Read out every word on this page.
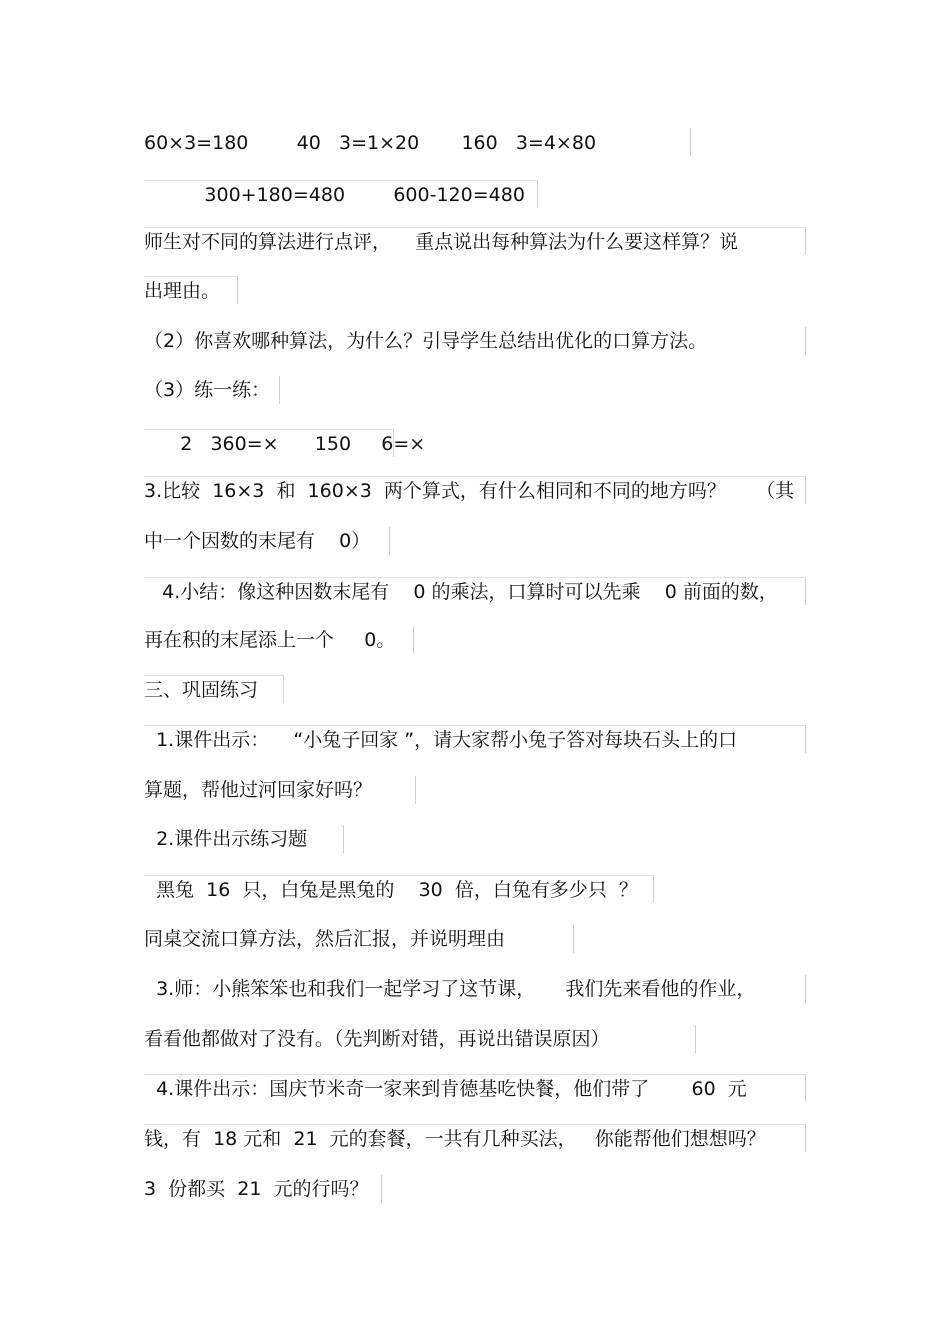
60×3=180        40   3=1×20       160   3=4×80
300+180=480        600-120=480
师生对不同的算法进行点评，    重点说出每种算法为什么要这样算？说
出理由。
（2）你喜欢哪种算法，为什么？引导学生总结出优化的口算方法。
（3）练一练：
2   360=×      150     6=×
3.比较  16×3  和  160×3  两个算式，有什么相同和不同的地方吗？     （其
中一个因数的末尾有    0）
4.小结：像这种因数末尾有    0 的乘法，口算时可以先乘    0 前面的数，
再在积的末尾添上一个     0。
三、巩固练习
1.课件出示：    “小兔子回家 ”，请大家帮小兔子答对每块石头上的口
算题，帮他过河回家好吗？
2.课件出示练习题
黑兔  16  只，白兔是黑兔的    30  倍，白兔有多少只  ？
同桌交流口算方法，然后汇报，并说明理由
3.师：小熊笨笨也和我们一起学习了这节课，     我们先来看他的作业，
看看他都做对了没有。（先判断对错，再说出错误原因）
4.课件出示：国庆节米奇一家来到肯德基吃快餐，他们带了       60  元
钱，有  18 元和  21  元的套餐，一共有几种买法，   你能帮他们想想吗？
3  份都买  21  元的行吗？
